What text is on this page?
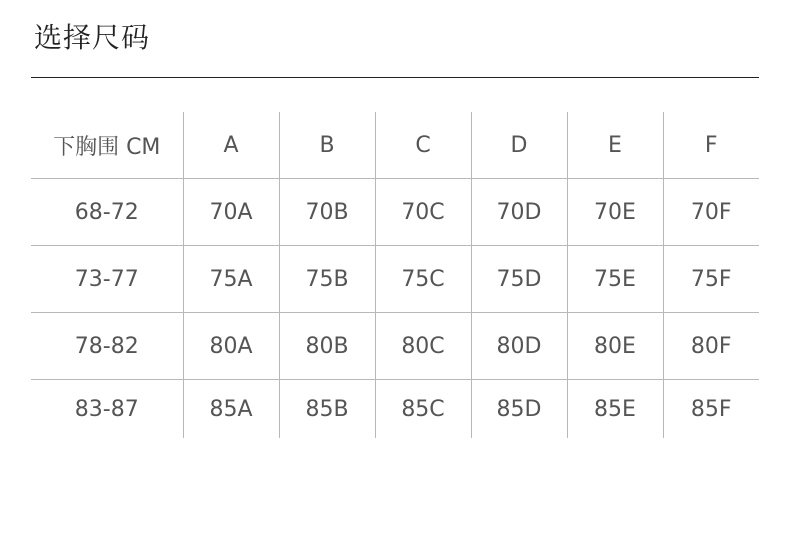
选择尺码
下胸围 CM	A	B	C	D	E	F
68-72	70A	70B	70C	70D	70E	70F
73-77	75A	75B	75C	75D	75E	75F
78-82	80A	80B	80C	80D	80E	80F
83-87	85A	85B	85C	85D	85E	85F
